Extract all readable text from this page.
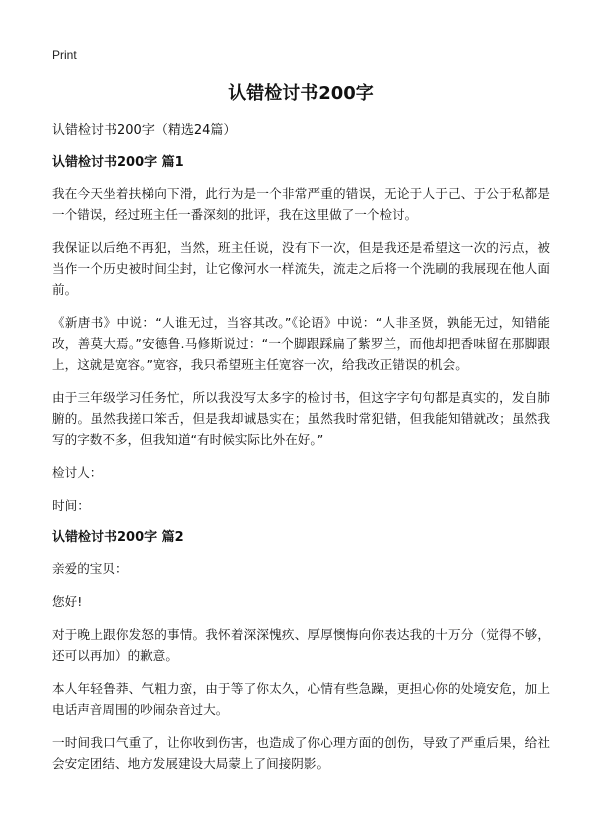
Print
认错检讨书200字
认错检讨书200字（精选24篇）
认错检讨书200字 篇1

我在今天坐着扶梯向下滑，此行为是一个非常严重的错误，无论于人于己、于公于私都是一个错误，经过班主任一番深刻的批评，我在这里做了一个检讨。

我保证以后绝不再犯，当然，班主任说，没有下一次，但是我还是希望这一次的污点，被当作一个历史被时间尘封，让它像河水一样流失，流走之后将一个洗刷的我展现在他人面前。

《新唐书》中说：“人谁无过，当容其改。”《论语》中说：“人非圣贤，孰能无过，知错能改，善莫大焉。”安德鲁.马修斯说过：“一个脚跟踩扁了紫罗兰，而他却把香味留在那脚跟上，这就是宽容。”宽容，我只希望班主任宽容一次，给我改正错误的机会。

由于三年级学习任务忙，所以我没写太多字的检讨书，但这字字句句都是真实的，发自肺腑的。虽然我搓口笨舌，但是我却诚恳实在；虽然我时常犯错，但我能知错就改；虽然我写的字数不多，但我知道“有时候实际比外在好。”

检讨人：

时间：

认错检讨书200字 篇2

亲爱的宝贝：

您好!

对于晚上跟你发怒的事情。我怀着深深愧疚、厚厚懊悔向你表达我的十万分（觉得不够，还可以再加）的歉意。

本人年轻鲁莽、气粗力蛮，由于等了你太久，心情有些急躁，更担心你的处境安危，加上电话声音周围的吵闹杂音过大。

一时间我口气重了，让你收到伤害，也造成了你心理方面的创伤，导致了严重后果，给社会安定团结、地方发展建设大局蒙上了间接阴影。
